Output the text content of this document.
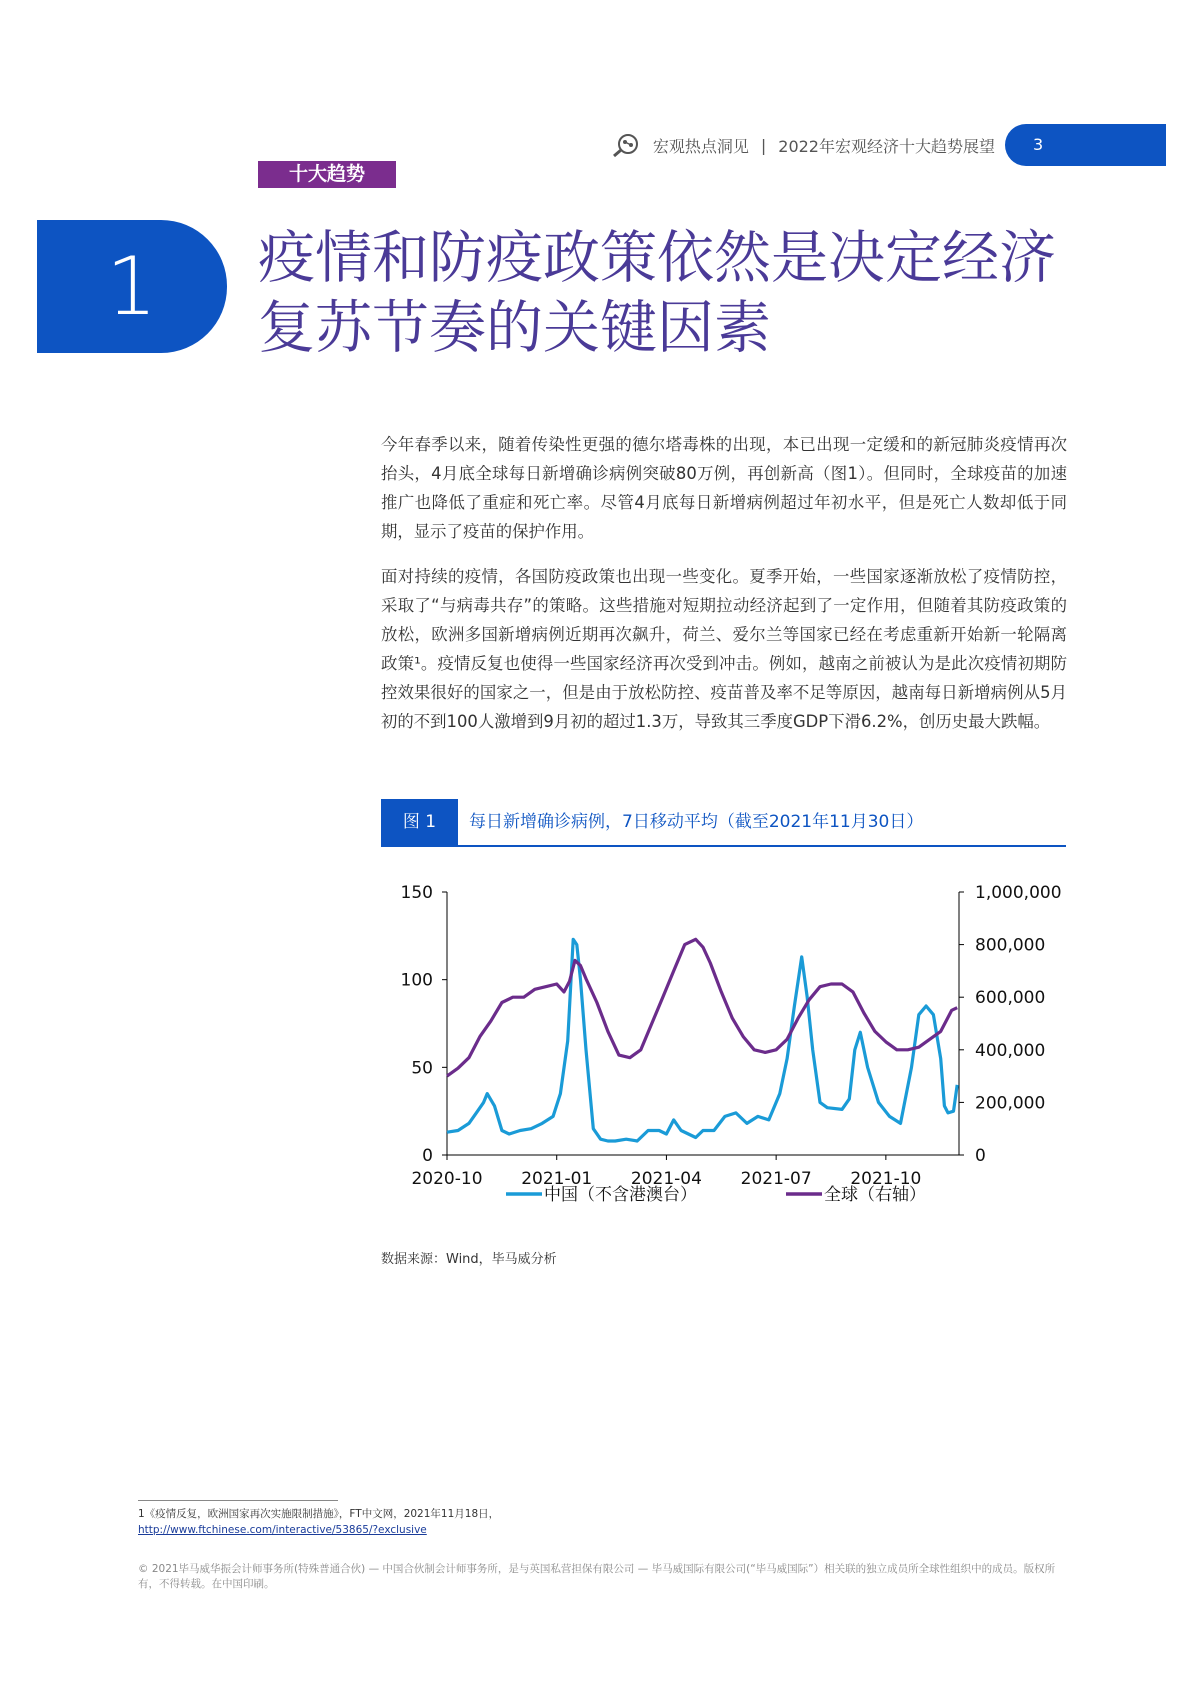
宏观热点洞见 | 2022年宏观经济十大趋势展望	3
十大趋势
1	疫情和防疫政策依然是决定经济复苏节奏的关键因素

今年春季以来，随着传染性更强的德尔塔毒株的出现，本已出现一定缓和的新冠肺炎疫情再次抬头，4月底全球每日新增确诊病例突破80万例，再创新高（图1）。但同时，全球疫苗的加速推广也降低了重症和死亡率。尽管4月底每日新增病例超过年初水平，但是死亡人数却低于同期，显示了疫苗的保护作用。

面对持续的疫情，各国防疫政策也出现一些变化。夏季开始，一些国家逐渐放松了疫情防控，采取了“与病毒共存”的策略。这些措施对短期拉动经济起到了一定作用，但随着其防疫政策的放松，欧洲多国新增病例近期再次飙升，荷兰、爱尔兰等国家已经在考虑重新开始新一轮隔离政策¹。疫情反复也使得一些国家经济再次受到冲击。例如，越南之前被认为是此次疫情初期防控效果很好的国家之一，但是由于放松防控、疫苗普及率不足等原因，越南每日新增病例从5月初的不到100人激增到9月初的超过1.3万，导致其三季度GDP下滑6.2%，创历史最大跌幅。

图 1	每日新增确诊病例，7日移动平均（截至2021年11月30日）
0
50
100
150
0
200,000
400,000
600,000
800,000
1,000,000
2020-10 2021-01 2021-04 2021-07 2021-10
中国（不含港澳台）	全球（右轴）
数据来源：Wind，毕马威分析
1《疫情反复，欧洲国家再次实施限制措施》，FT中文网，2021年11月18日，
http://www.ftchinese.com/interactive/53865/?exclusive
© 2021毕马威华振会计师事务所(特殊普通合伙) — 中国合伙制会计师事务所，是与英国私营担保有限公司 — 毕马威国际有限公司(“毕马威国际”）相关联的独立成员所全球性组织中的成员。版权所有，不得转载。在中国印刷。
